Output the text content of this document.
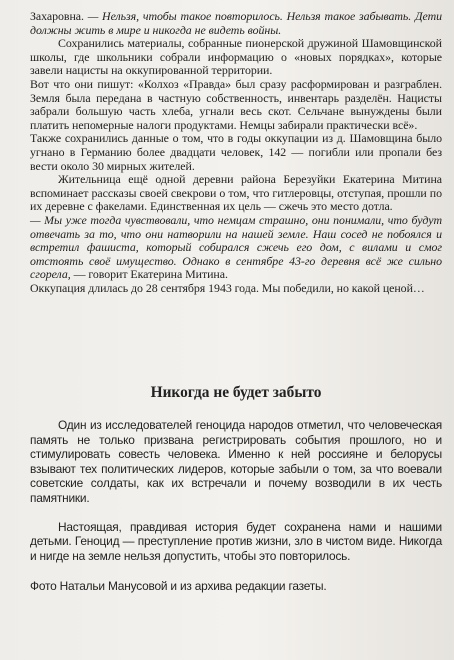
Захаровна. — Нельзя, чтобы такое повторилось. Нельзя такое забывать. Дети должны жить в мире и никогда не видеть войны.

Сохранились материалы, собранные пионерской дружиной Шамовщинской школы, где школьники собрали информацию о «новых порядках», которые завели нацисты на оккупированной территории.

Вот что они пишут: «Колхоз «Правда» был сразу расформирован и разграблен. Земля была передана в частную собственность, инвентарь разделён. Нацисты забрали большую часть хлеба, угнали весь скот. Сельчане вынуждены были платить непомерные налоги продуктами. Немцы забирали практически всё».

Также сохранились данные о том, что в годы оккупации из д. Шамовщина было угнано в Германию более двадцати человек, 142 — погибли или пропали без вести около 30 мирных жителей.

Жительница ещё одной деревни района Березуйки Екатерина Митина вспоминает рассказы своей свекрови о том, что гитлеровцы, отступая, прошли по их деревне с факелами. Единственная их цель — сжечь это место дотла.

— Мы уже тогда чувствовали, что немцам страшно, они понимали, что будут отвечать за то, что они натворили на нашей земле. Наш сосед не побоялся и встретил фашиста, который собирался сжечь его дом, с вилами и смог отстоять своё имущество. Однако в сентябре 43-го деревня всё же сильно сгорела, — говорит Екатерина Митина.

Оккупация длилась до 28 сентября 1943 года. Мы победили, но какой ценой…

Никогда не будет забыто

Один из исследователей геноцида народов отметил, что человеческая память не только призвана регистрировать события прошлого, но и стимулировать совесть человека. Именно к ней россияне и белорусы взывают тех политических лидеров, которые забыли о том, за что воевали советские солдаты, как их встречали и почему возводили в их честь памятники.

Настоящая, правдивая история будет сохранена нами и нашими детьми. Геноцид — преступление против жизни, зло в чистом виде. Никогда и нигде на земле нельзя допустить, чтобы это повторилось.

Фото Натальи Манусовой и из архива редакции газеты.
